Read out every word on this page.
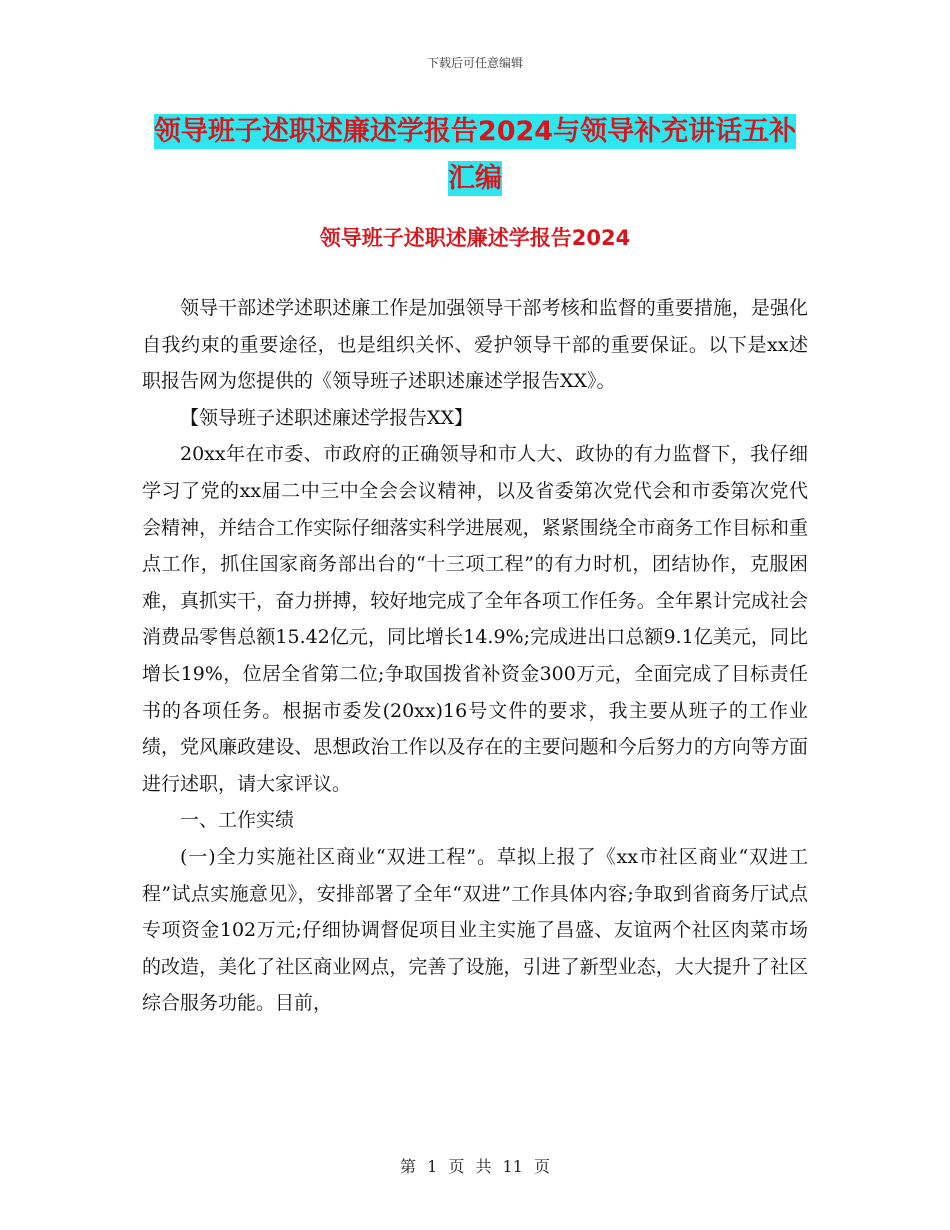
下载后可任意编辑
领导班子述职述廉述学报告2024与领导补充讲话五补
汇编
领导班子述职述廉述学报告2024

领导干部述学述职述廉工作是加强领导干部考核和监督的重要措施，是强化自我约束的重要途径，也是组织关怀、爱护领导干部的重要保证。以下是xx述职报告网为您提供的《领导班子述职述廉述学报告XX》。

【领导班子述职述廉述学报告XX】

20xx年在市委、市政府的正确领导和市人大、政协的有力监督下，我仔细学习了党的xx届二中三中全会会议精神，以及省委第次党代会和市委第次党代会精神，并结合工作实际仔细落实科学进展观，紧紧围绕全市商务工作目标和重点工作，抓住国家商务部出台的“十三项工程”的有力时机，团结协作，克服困难，真抓实干，奋力拼搏，较好地完成了全年各项工作任务。全年累计完成社会消费品零售总额15.42亿元，同比增长14.9%;完成进出口总额9.1亿美元，同比增长19%，位居全省第二位;争取国拨省补资金300万元，全面完成了目标责任书的各项任务。根据市委发(20xx)16号文件的要求，我主要从班子的工作业绩，党风廉政建设、思想政治工作以及存在的主要问题和今后努力的方向等方面进行述职，请大家评议。

一、工作实绩

(一)全力实施社区商业“双进工程”。草拟上报了《xx市社区商业“双进工程”试点实施意见》，安排部署了全年“双进”工作具体内容;争取到省商务厅试点专项资金102万元;仔细协调督促项目业主实施了昌盛、友谊两个社区肉菜市场的改造，美化了社区商业网点，完善了设施，引进了新型业态，大大提升了社区综合服务功能。目前，

第 1 页 共 11 页
